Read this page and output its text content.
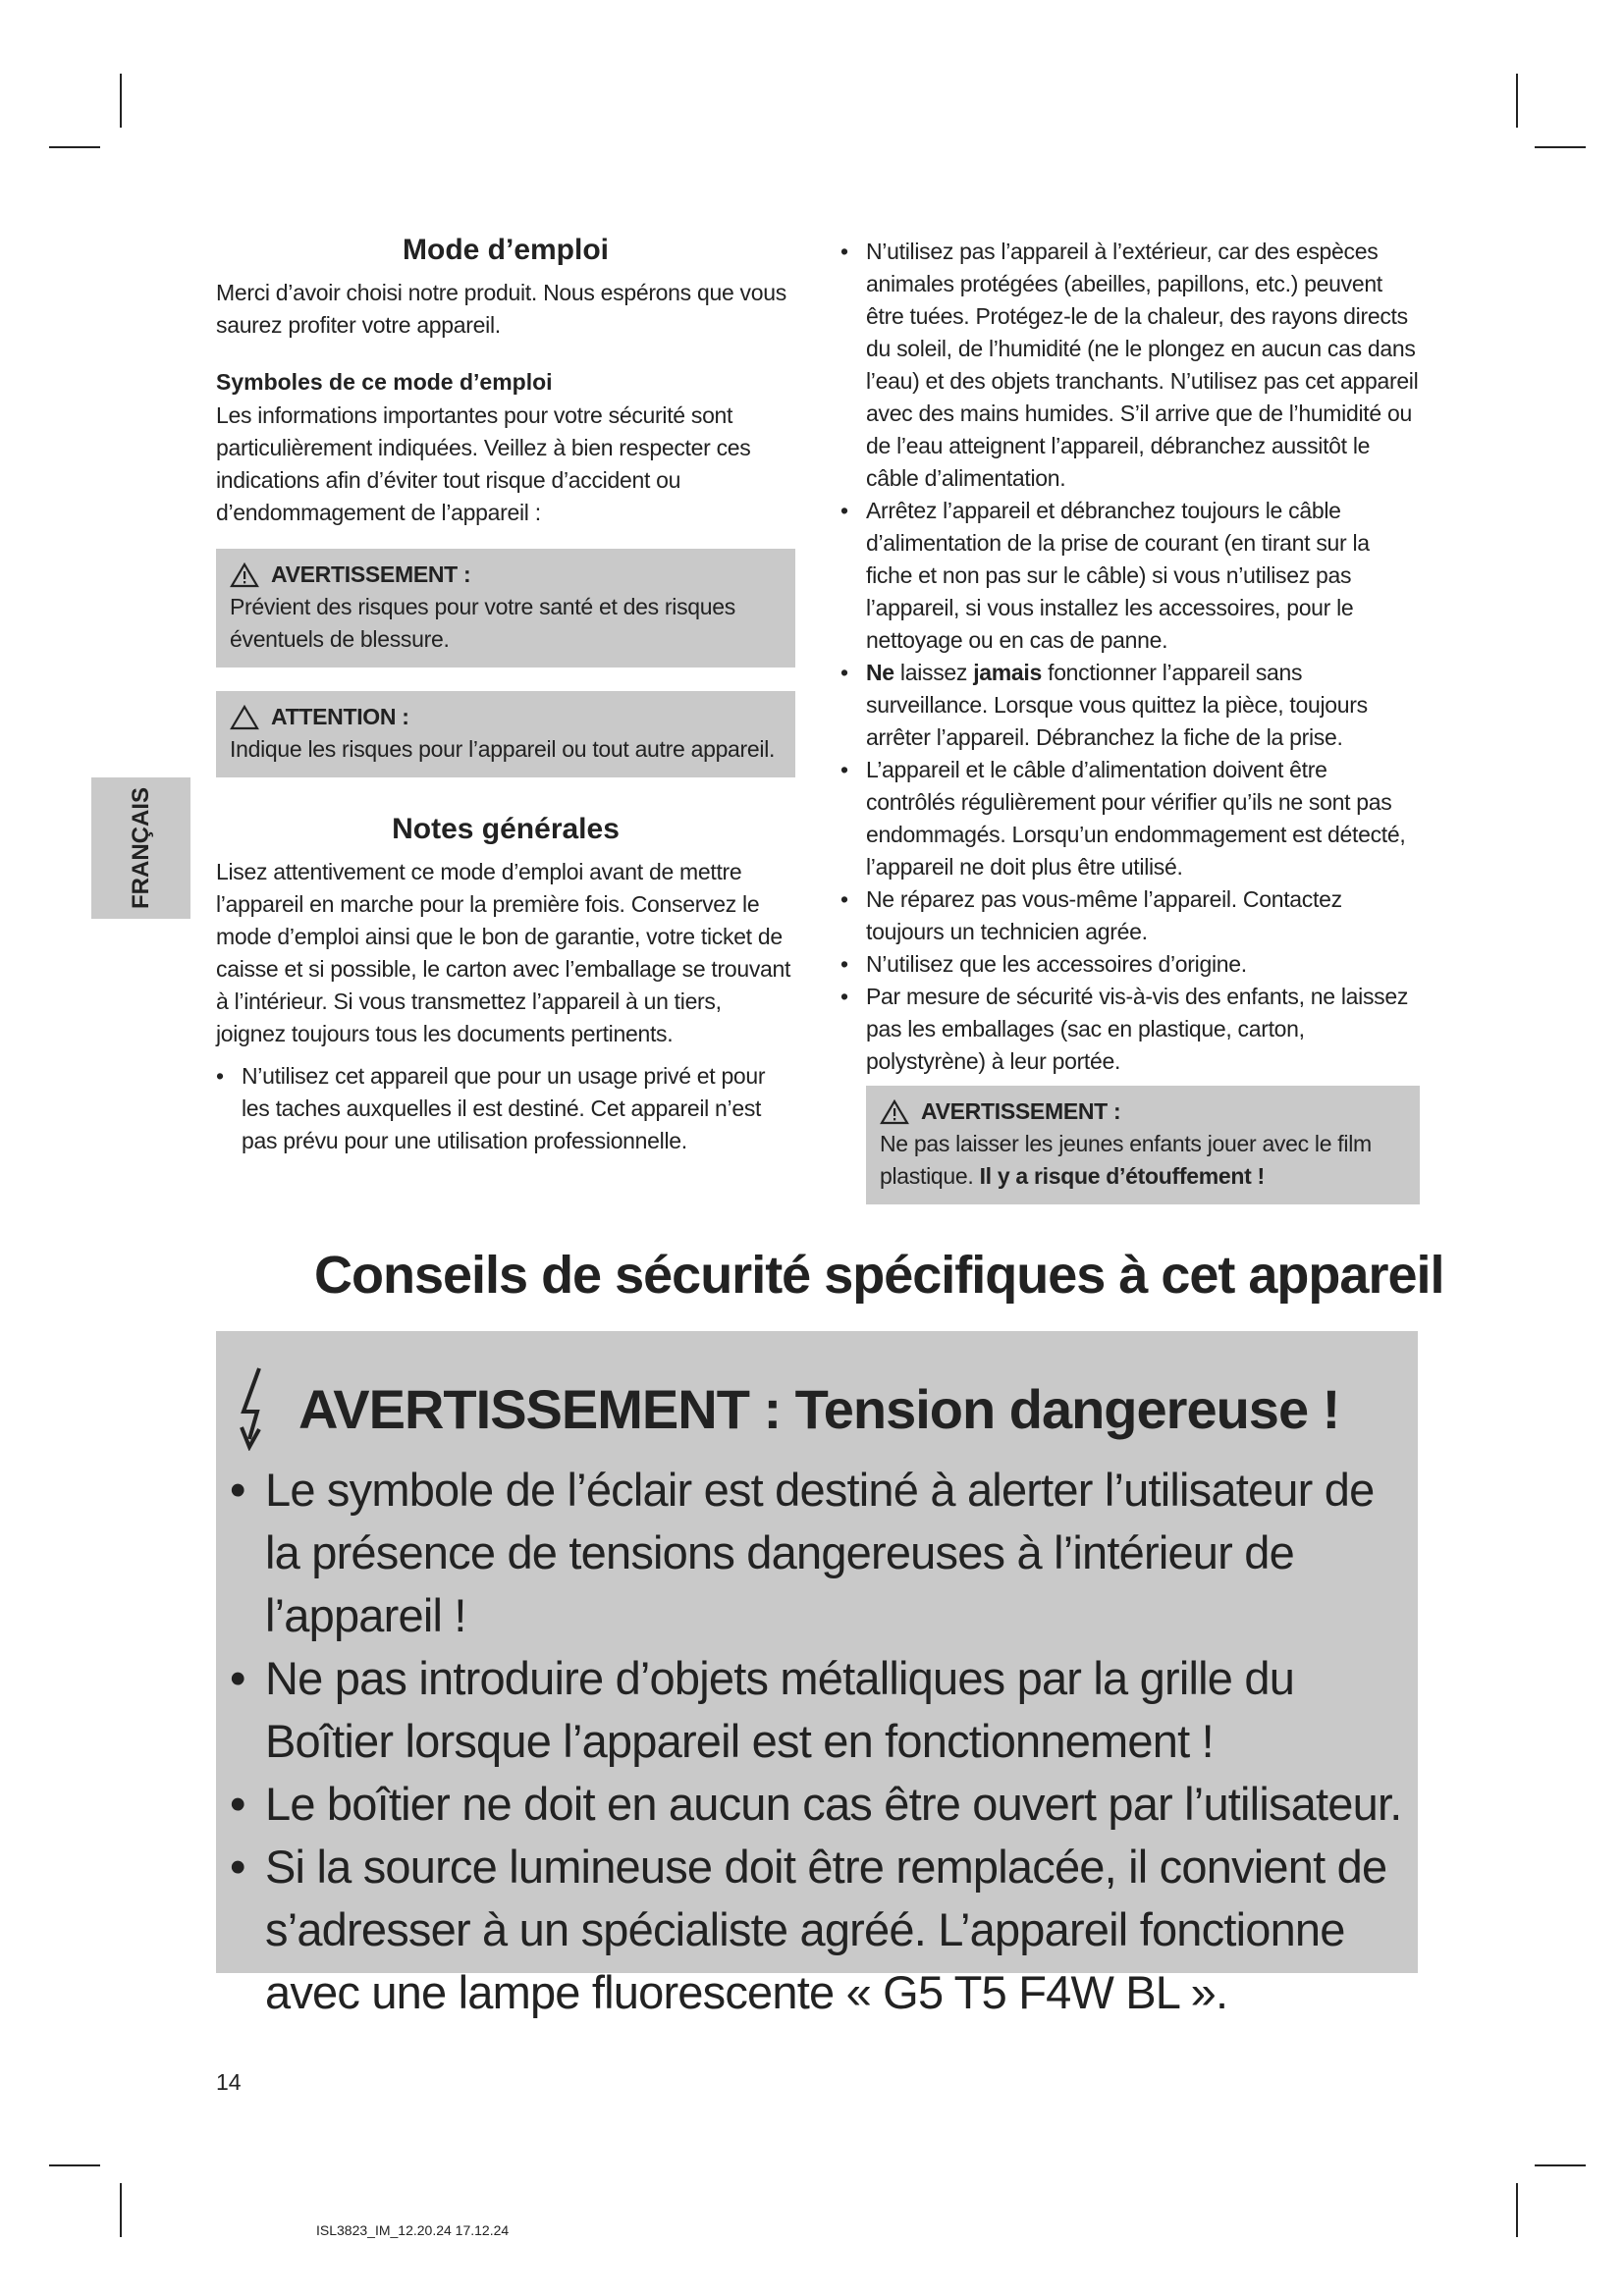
FRANÇAIS
Mode d’emploi

Merci d’avoir choisi notre produit. Nous espérons que vous saurez profiter votre appareil.

Symboles de ce mode d’emploi

Les informations importantes pour votre sécurité sont particulièrement indiquées. Veillez à bien respecter ces indications afin d’éviter tout risque d’accident ou d’endommagement de l’appareil :

AVERTISSEMENT :

Prévient des risques pour votre santé et des risques éventuels de blessure.

ATTENTION :

Indique les risques pour l’appareil ou tout autre appareil.

Notes générales

Lisez attentivement ce mode d’emploi avant de mettre l’appareil en marche pour la première fois. Conservez le mode d’emploi ainsi que le bon de garantie, votre ticket de caisse et si possible, le carton avec l’emballage se trouvant à l’intérieur. Si vous transmettez l’appareil à un tiers, joignez toujours tous les documents pertinents.

• N’utilisez cet appareil que pour un usage privé et pour les taches auxquelles il est destiné. Cet appareil n’est pas prévu pour une utilisation professionnelle.
• N’utilisez pas l’appareil à l’extérieur, car des espèces animales protégées (abeilles, papillons, etc.) peuvent être tuées. Protégez-le de la chaleur, des rayons directs du soleil, de l’humidité (ne le plongez en aucun cas dans l’eau) et des objets tranchants. N’utilisez pas cet appareil avec des mains humides. S’il arrive que de l’humidité ou de l’eau atteignent l’appareil, débranchez aussitôt le câble d’alimentation.
• Arrêtez l’appareil et débranchez toujours le câble d’alimentation de la prise de courant (en tirant sur la fiche et non pas sur le câble) si vous n’utilisez pas l’appareil, si vous installez les accessoires, pour le nettoyage ou en cas de panne.
• Ne laissez jamais fonctionner l’appareil sans surveillance. Lorsque vous quittez la pièce, toujours arrêter l’appareil. Débranchez la fiche de la prise.
• L’appareil et le câble d’alimentation doivent être contrôlés régulièrement pour vérifier qu’ils ne sont pas endommagés. Lorsqu’un endommagement est détecté, l’appareil ne doit plus être utilisé.
• Ne réparez pas vous-même l’appareil. Contactez toujours un technicien agrée.
• N’utilisez que les accessoires d’origine.
• Par mesure de sécurité vis-à-vis des enfants, ne laissez pas les emballages (sac en plastique, carton, polystyrène) à leur portée.
AVERTISSEMENT :

Ne pas laisser les jeunes enfants jouer avec le film plastique. Il y a risque d’étouffement !

Conseils de sécurité spécifiques à cet appareil
AVERTISSEMENT : Tension dangereuse !
• Le symbole de l’éclair est destiné à alerter l’utilisateur de la présence de tensions dangereuses à l’intérieur de l’appareil !
• Ne pas introduire d’objets métalliques par la grille du Boîtier lorsque l’appareil est en fonctionnement !
• Le boîtier ne doit en aucun cas être ouvert par l’utilisateur.
• Si la source lumineuse doit être remplacée, il convient de s’adresser à un spécialiste agréé. L’appareil fonctionne avec une lampe fluorescente « G5 T5 F4W BL ».
14
ISL3823_IM_12.20.24 17.12.24
